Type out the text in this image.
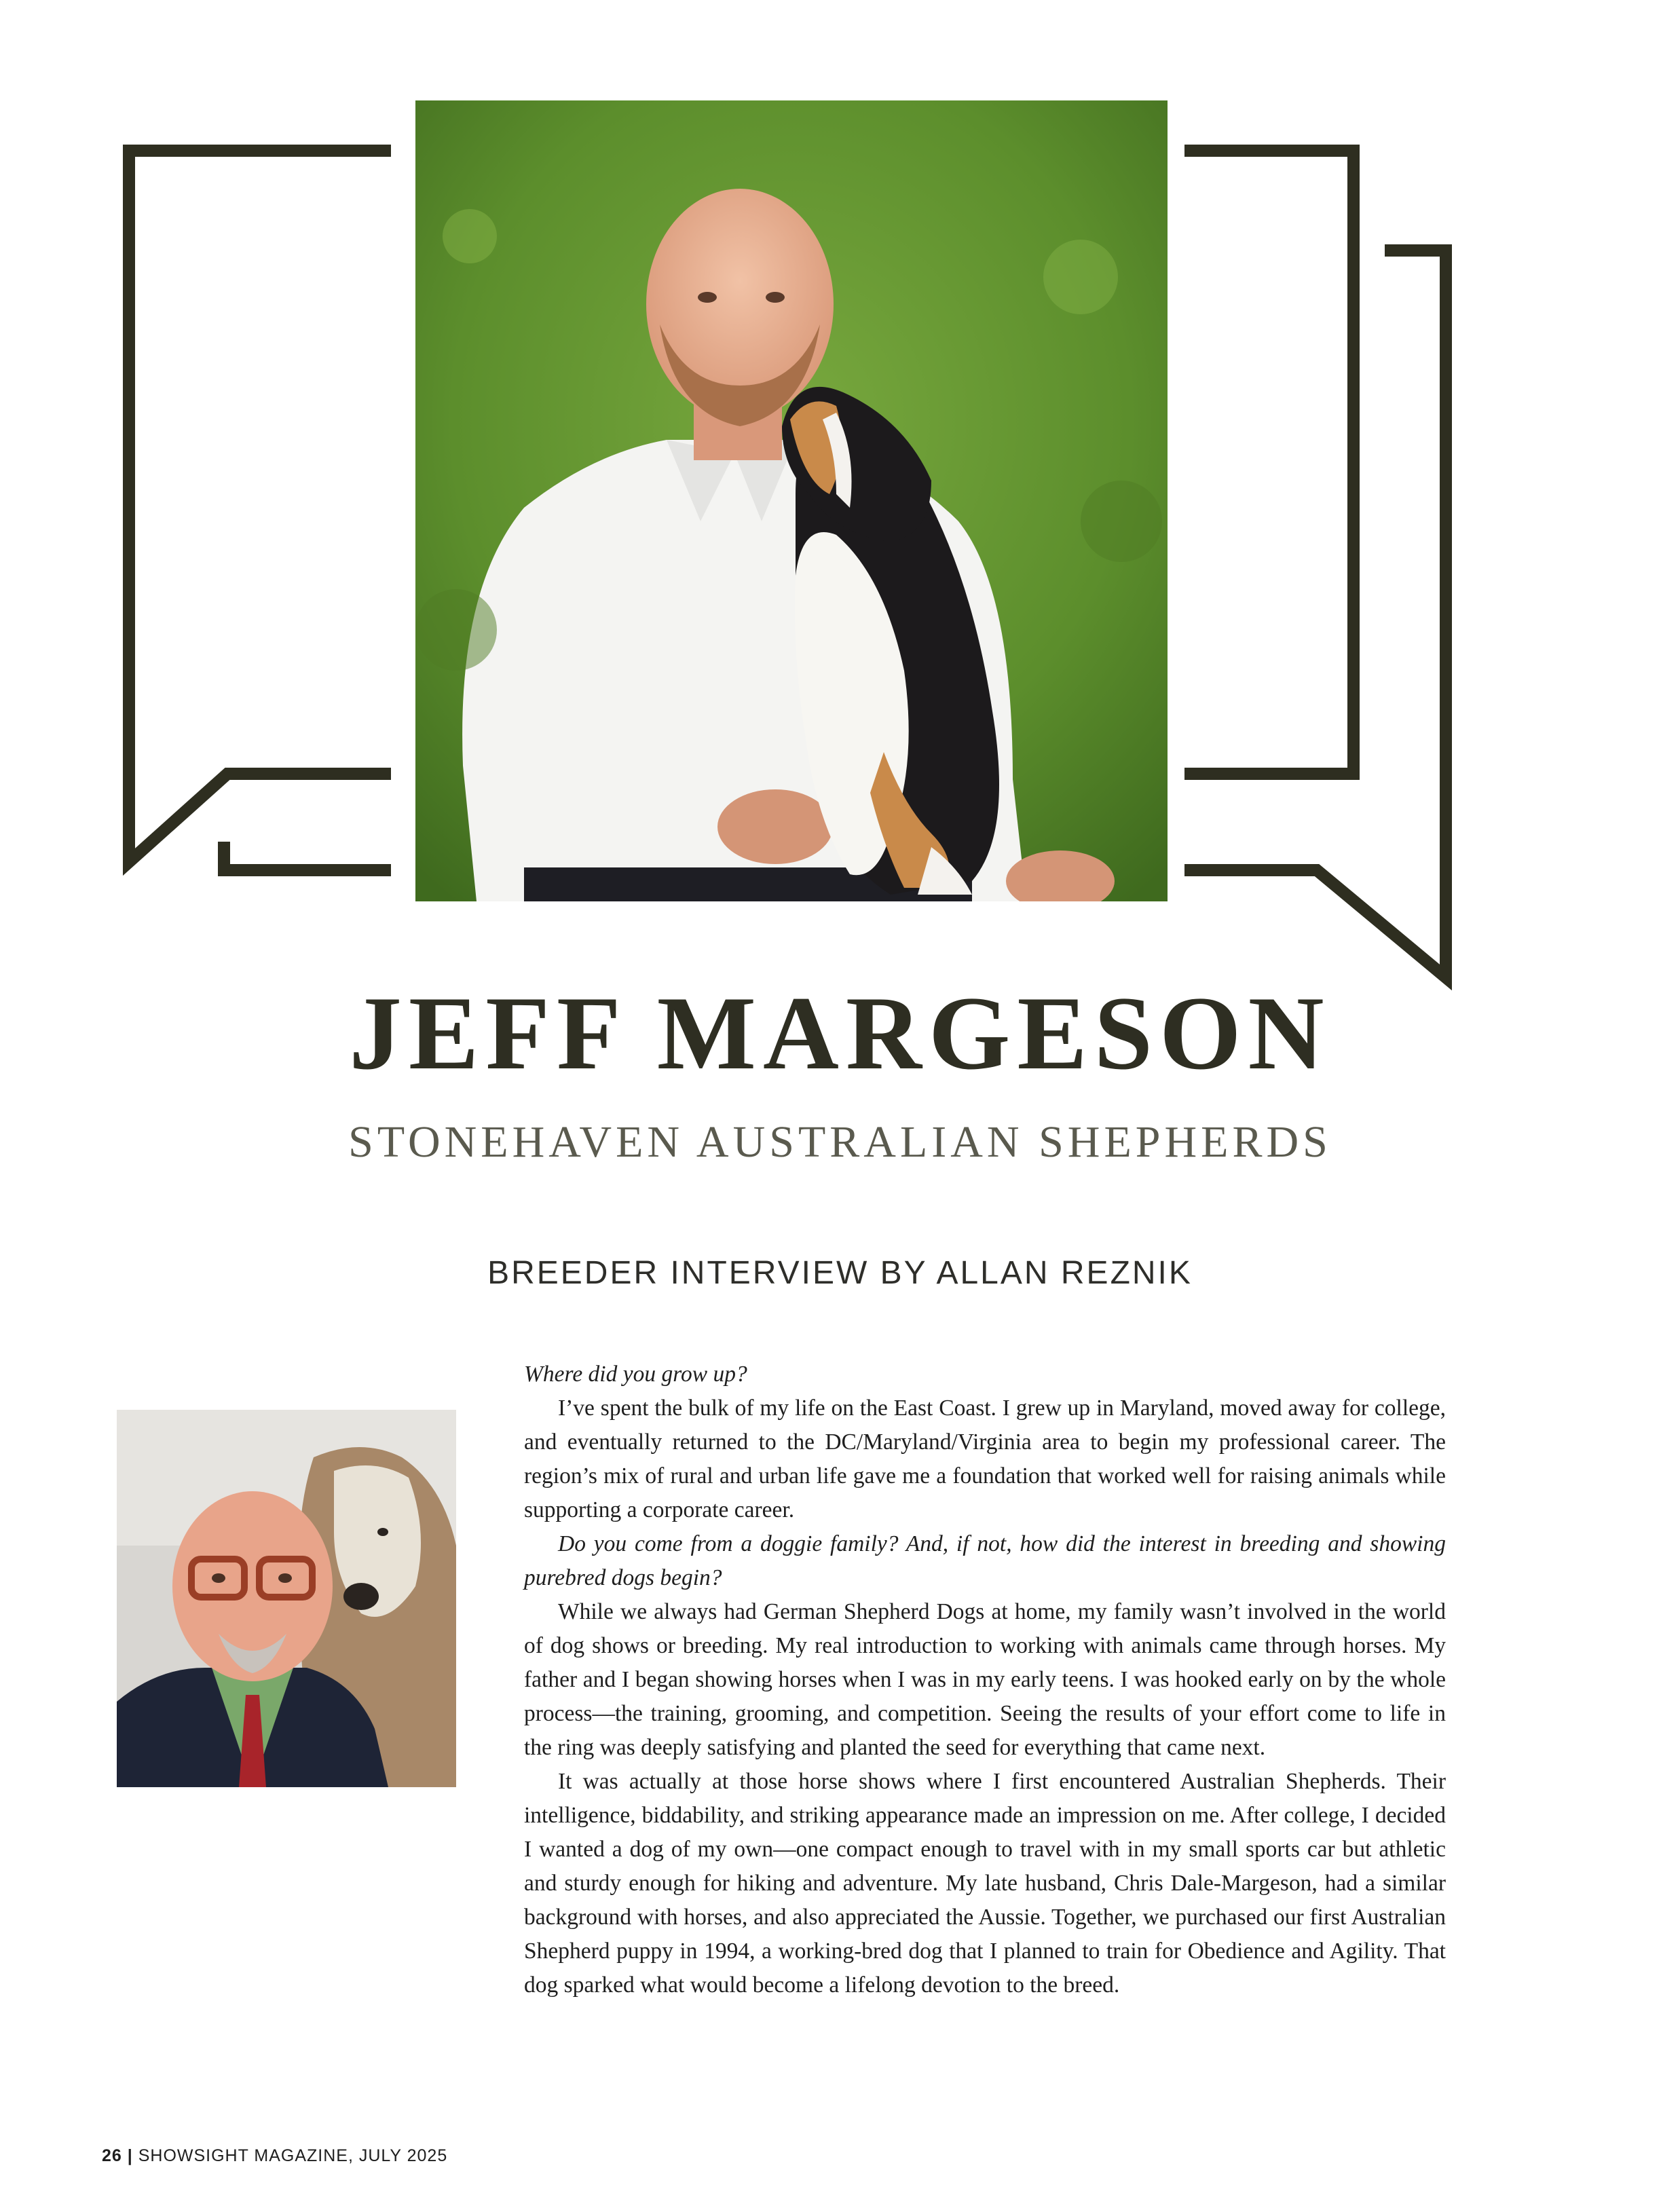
JEFF MARGESON
STONEHAVEN AUSTRALIAN SHEPHERDS
BREEDER INTERVIEW BY ALLAN REZNIK

Where did you grow up?

I’ve spent the bulk of my life on the East Coast. I grew up in Maryland, moved away for college, and eventually returned to the DC/Maryland/Virginia area to begin my professional career. The region’s mix of rural and urban life gave me a foundation that worked well for raising animals while supporting a corporate career.

Do you come from a doggie family? And, if not, how did the interest in breeding and showing purebred dogs begin?

While we always had German Shepherd Dogs at home, my family wasn’t involved in the world of dog shows or breeding. My real introduction to working with animals came through horses. My father and I began showing horses when I was in my early teens. I was hooked early on by the whole process—the training, grooming, and competition. Seeing the results of your effort come to life in the ring was deeply satisfying and planted the seed for everything that came next.

It was actually at those horse shows where I first encountered Australian Shepherds. Their intelligence, biddability, and striking appearance made an impression on me. After college, I decided I wanted a dog of my own—one compact enough to travel with in my small sports car but athletic and sturdy enough for hiking and adventure. My late husband, Chris Dale-Margeson, had a similar background with horses, and also appreciated the Aussie. Together, we purchased our first Australian Shepherd puppy in 1994, a working-bred dog that I planned to train for Obedience and Agility. That dog sparked what would become a lifelong devotion to the breed.

26 | SHOWSIGHT MAGAZINE, JULY 2025
